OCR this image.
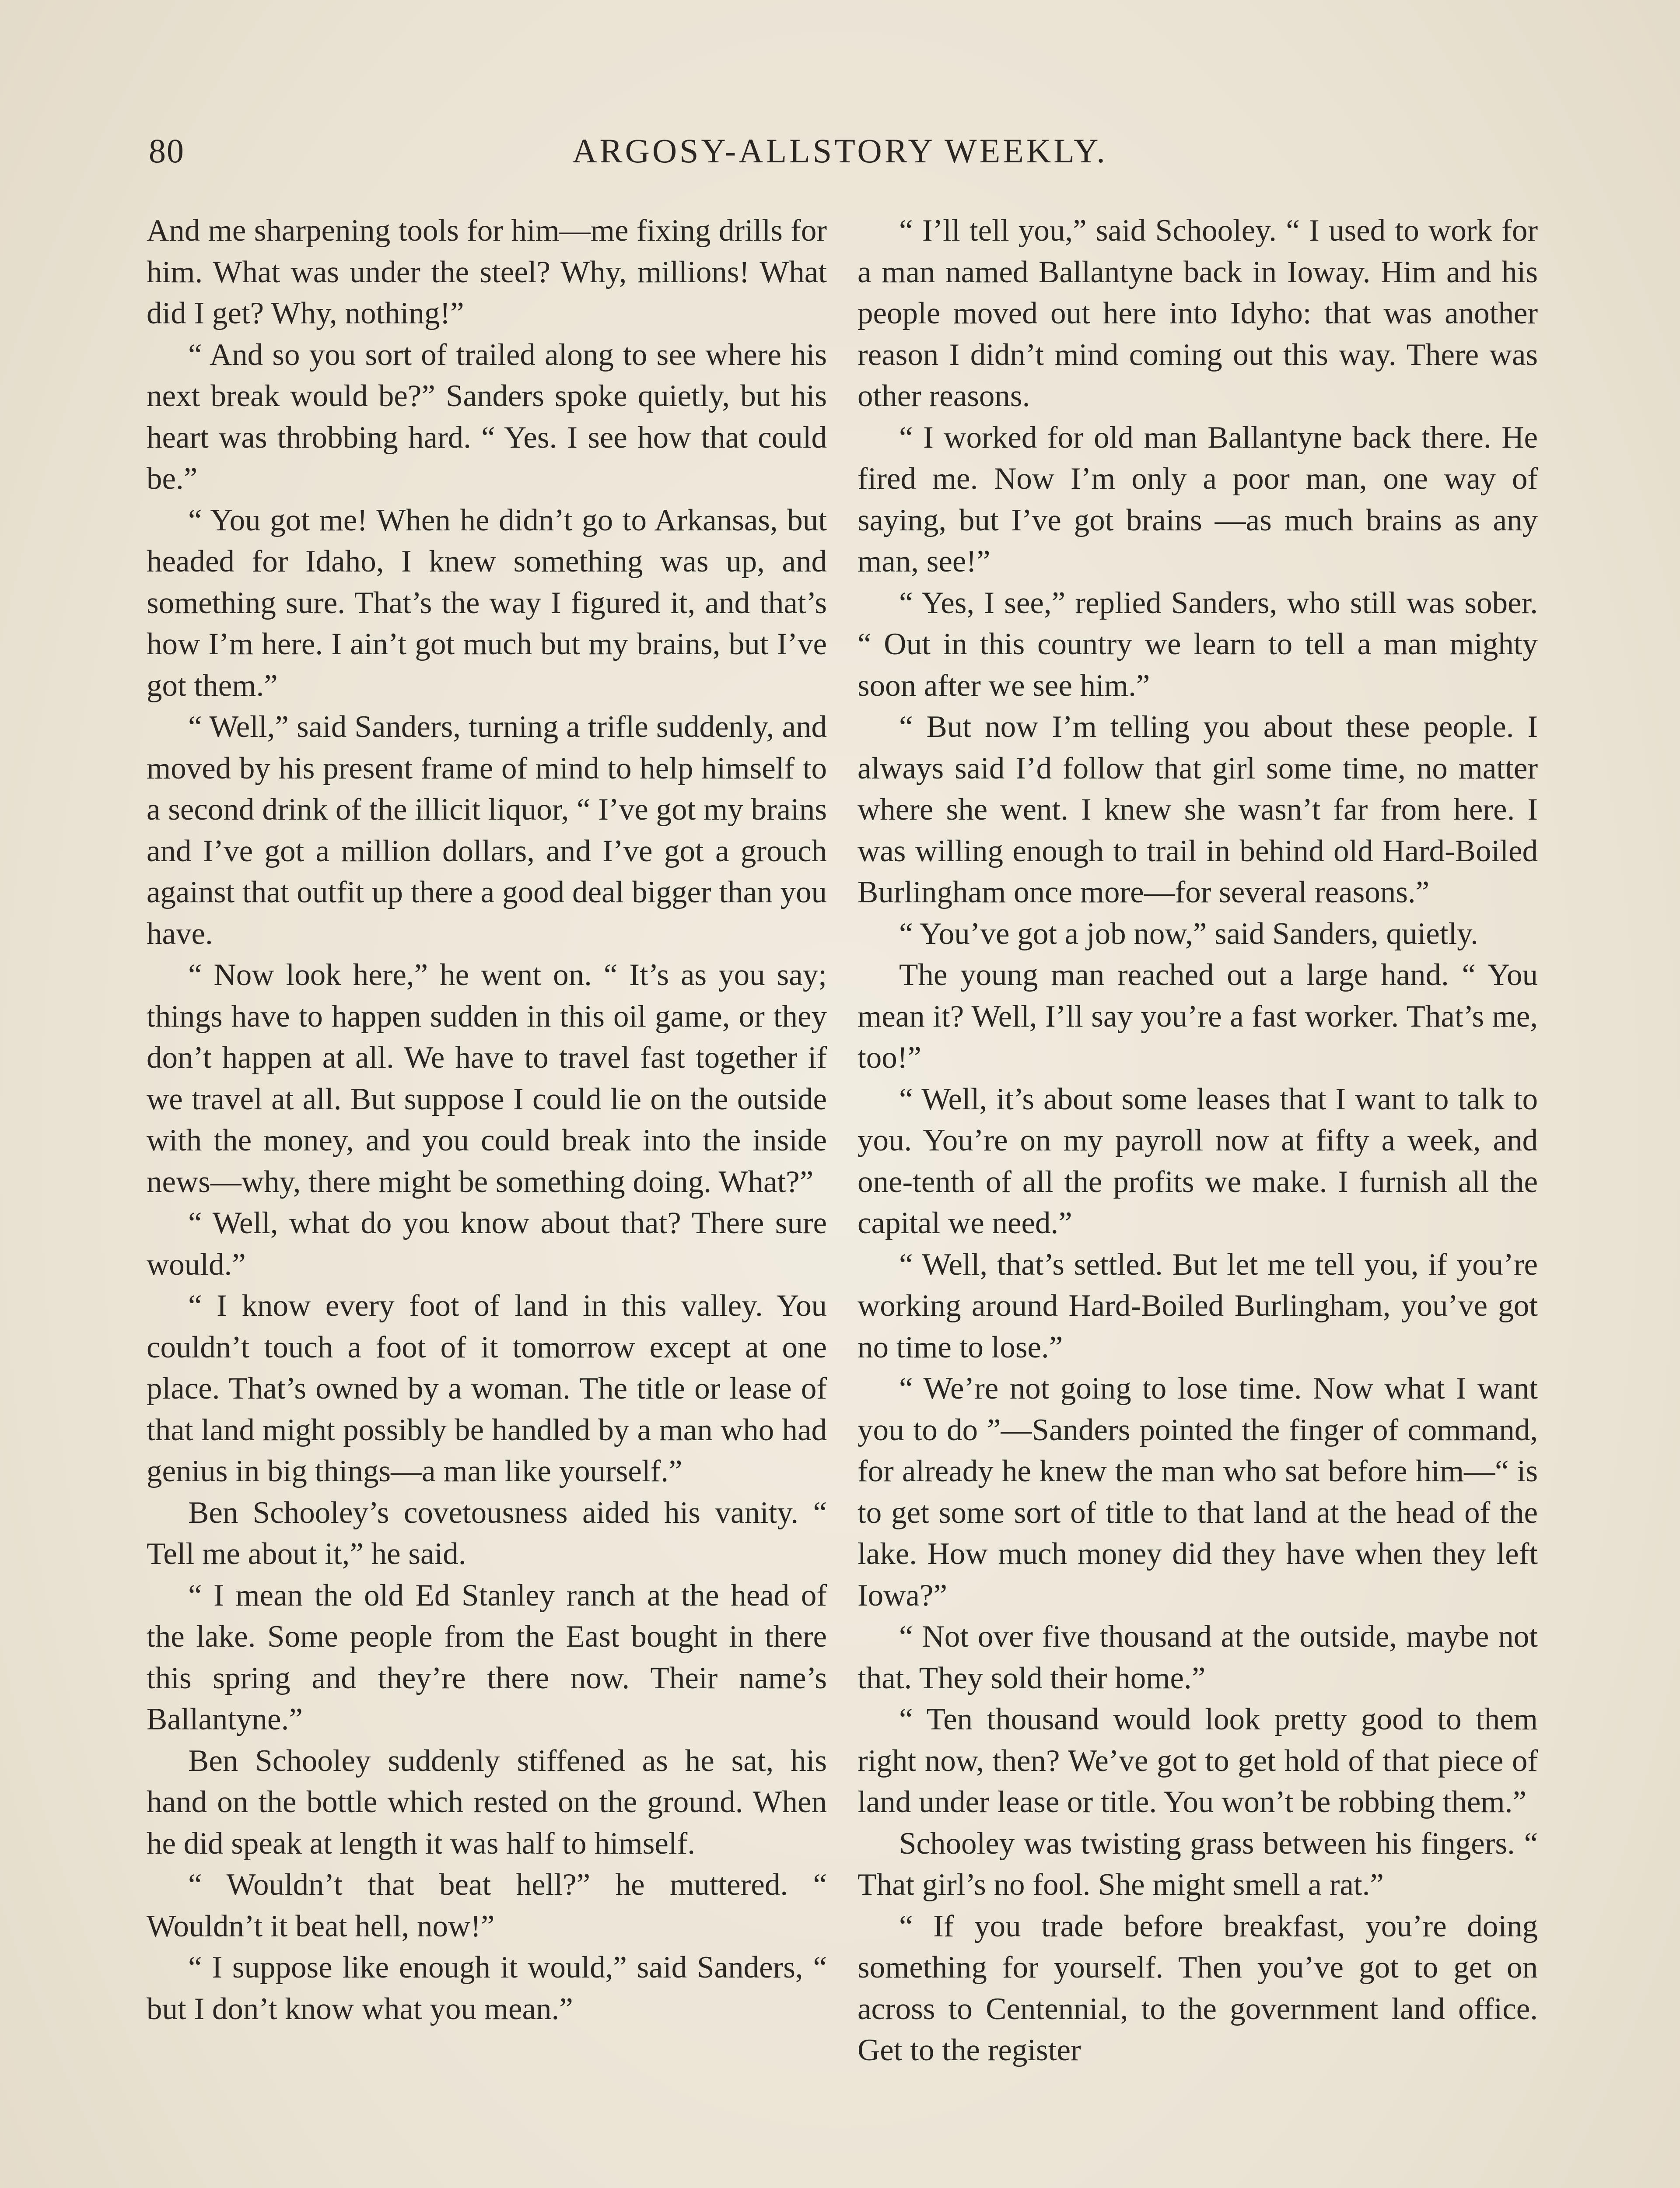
80	ARGOSY-ALLSTORY WEEKLY.

And me sharpening tools for him—me fixing drills for him. What was under the steel? Why, millions! What did I get? Why, nothing!”

“ And so you sort of trailed along to see where his next break would be?” Sanders spoke quietly, but his heart was throbbing hard. “ Yes. I see how that could be.”

“ You got me! When he didn’t go to Arkansas, but headed for Idaho, I knew something was up, and something sure. That’s the way I figured it, and that’s how I’m here. I ain’t got much but my brains, but I’ve got them.”

“ Well,” said Sanders, turning a trifle suddenly, and moved by his present frame of mind to help himself to a second drink of the illicit liquor, “ I’ve got my brains and I’ve got a million dollars, and I’ve got a grouch against that outfit up there a good deal bigger than you have.

“ Now look here,” he went on. “ It’s as you say; things have to happen sudden in this oil game, or they don’t happen at all. We have to travel fast together if we travel at all. But suppose I could lie on the outside with the money, and you could break into the inside news—why, there might be something doing. What?”

“ Well, what do you know about that? There sure would.”

“ I know every foot of land in this valley. You couldn’t touch a foot of it tomorrow except at one place. That’s owned by a woman. The title or lease of that land might possibly be handled by a man who had genius in big things—a man like yourself.”

Ben Schooley’s covetousness aided his vanity. “ Tell me about it,” he said.

“ I mean the old Ed Stanley ranch at the head of the lake. Some people from the East bought in there this spring and they’re there now. Their name’s Ballantyne.”

Ben Schooley suddenly stiffened as he sat, his hand on the bottle which rested on the ground. When he did speak at length it was half to himself.

“ Wouldn’t that beat hell?” he muttered. “ Wouldn’t it beat hell, now!”

“ I suppose like enough it would,” said Sanders, “ but I don’t know what you mean.”

“ I’ll tell you,” said Schooley. “ I used to work for a man named Ballantyne back in Ioway. Him and his people moved out here into Idyho: that was another reason I didn’t mind coming out this way. There was other reasons.

“ I worked for old man Ballantyne back there. He fired me. Now I’m only a poor man, one way of saying, but I’ve got brains —as much brains as any man, see!”

“ Yes, I see,” replied Sanders, who still was sober. “ Out in this country we learn to tell a man mighty soon after we see him.”

“ But now I’m telling you about these people. I always said I’d follow that girl some time, no matter where she went. I knew she wasn’t far from here. I was willing enough to trail in behind old Hard-Boiled Burlingham once more—for several reasons.”

“ You’ve got a job now,” said Sanders, quietly.

The young man reached out a large hand. “ You mean it? Well, I’ll say you’re a fast worker. That’s me, too!”

“ Well, it’s about some leases that I want to talk to you. You’re on my payroll now at fifty a week, and one-tenth of all the profits we make. I furnish all the capital we need.”

“ Well, that’s settled. But let me tell you, if you’re working around Hard-Boiled Burlingham, you’ve got no time to lose.”

“ We’re not going to lose time. Now what I want you to do ”—Sanders pointed the finger of command, for already he knew the man who sat before him—“ is to get some sort of title to that land at the head of the lake. How much money did they have when they left Iowa?”

“ Not over five thousand at the outside, maybe not that. They sold their home.”

“ Ten thousand would look pretty good to them right now, then? We’ve got to get hold of that piece of land under lease or title. You won’t be robbing them.”

Schooley was twisting grass between his fingers. “ That girl’s no fool. She might smell a rat.”

“ If you trade before breakfast, you’re doing something for yourself. Then you’ve got to get on across to Centennial, to the government land office. Get to the register
